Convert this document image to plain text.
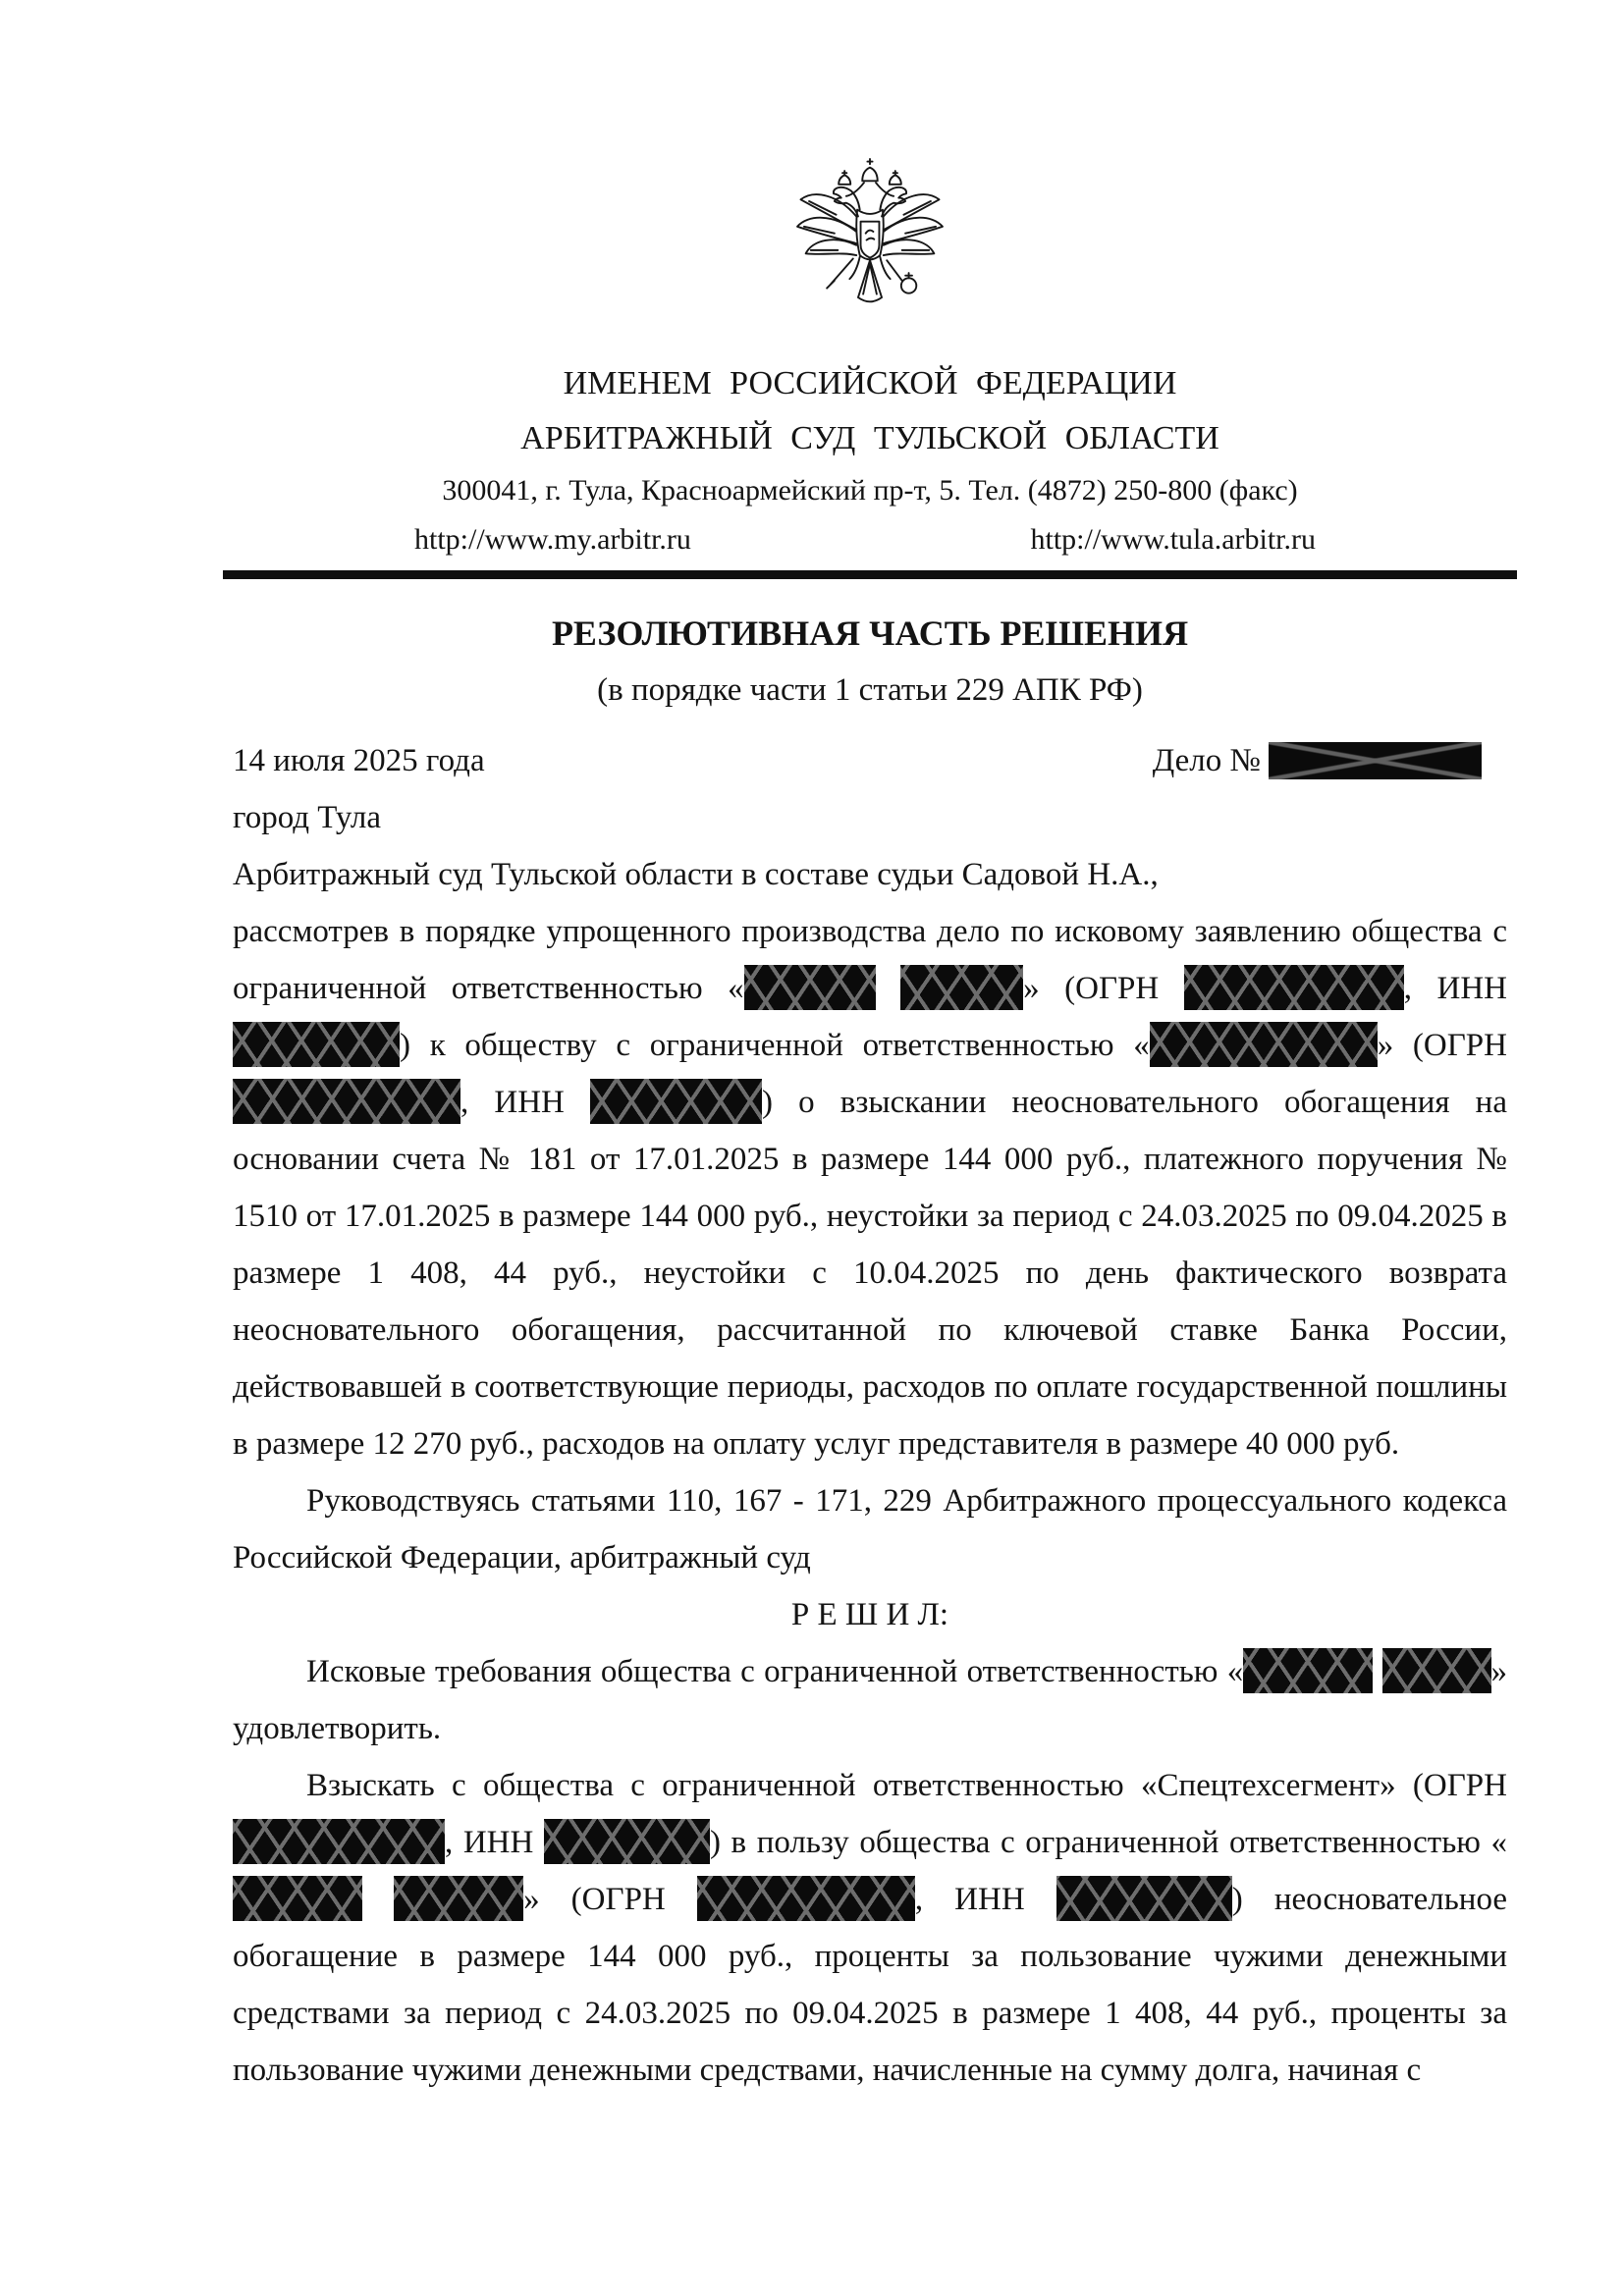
ИМЕНЕМ РОССИЙСКОЙ ФЕДЕРАЦИИ
АРБИТРАЖНЫЙ СУД ТУЛЬСКОЙ ОБЛАСТИ
300041, г. Тула, Красноармейский пр-т, 5. Тел. (4872) 250-800 (факс)
http://www.my.arbitr.ru	http://www.tula.arbitr.ru
РЕЗОЛЮТИВНАЯ ЧАСТЬ РЕШЕНИЯ
(в порядке части 1 статьи 229 АПК РФ)
14 июля 2025 года	Дело №

город Тула

Арбитражный суд Тульской области в составе судьи Садовой Н.А.,

рассмотрев в порядке упрощенного производства дело по исковому заявлению общества с ограниченной ответственностью «	» (ОГРН	, ИНН ) к обществу с ограниченной ответственностью «	» (ОГРН , ИНН	) о взыскании неосновательного обогащения на основании счета № 181 от 17.01.2025 в размере 144 000 руб., платежного поручения № 1510 от 17.01.2025 в размере 144 000 руб., неустойки за период с 24.03.2025 по 09.04.2025 в размере 1 408, 44 руб., неустойки с 10.04.2025 по день фактического возврата неосновательного обогащения, рассчитанной по ключевой ставке Банка России, действовавшей в соответствующие периоды, расходов по оплате государственной пошлины в размере 12 270 руб., расходов на оплату услуг представителя в размере 40 000 руб.

Руководствуясь статьями 110, 167 - 171, 229 Арбитражного процессуального кодекса Российской Федерации, арбитражный суд

Р Е Ш И Л:

Исковые требования общества с ограниченной ответственностью «	» удовлетворить.

Взыскать с общества с ограниченной ответственностью «Спецтехсегмент» (ОГРН , ИНН	) в пользу общества с ограниченной ответственностью « » (ОГРН	, ИНН	) неосновательное обогащение в размере 144 000 руб., проценты за пользование чужими денежными средствами за период с 24.03.2025 по 09.04.2025 в размере 1 408, 44 руб., проценты за пользование чужими денежными средствами, начисленные на сумму долга, начиная с
